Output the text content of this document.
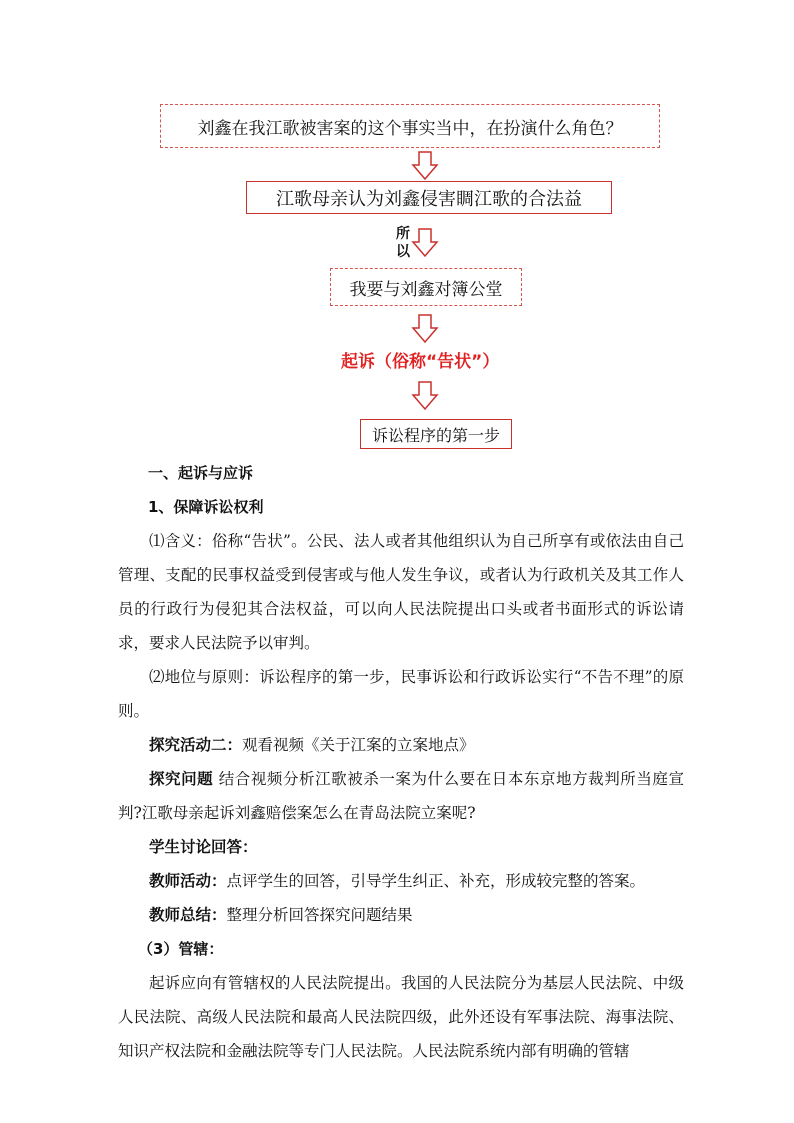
刘鑫在我江歌被害案的这个事实当中，在扮演什么角色？
江歌母亲认为刘鑫侵害睭江歌的合法益
所
以
我要与刘鑫对簿公堂
起诉（俗称“告状”）
诉讼程序的第一步

一、起诉与应诉

1、保障诉讼权利

⑴含义：俗称“告状”。公民、法人或者其他组织认为自己所享有或依法由自己管理、支配的民事权益受到侵害或与他人发生争议，或者认为行政机关及其工作人员的行政行为侵犯其合法权益，可以向人民法院提出口头或者书面形式的诉讼请求，要求人民法院予以审判。

⑵地位与原则：诉讼程序的第一步，民事诉讼和行政诉讼实行“不告不理”的原则。

探究活动二：观看视频《关于江案的立案地点》

探究问题 结合视频分析江歌被杀一案为什么要在日本东京地方裁判所当庭宣判?江歌母亲起诉刘鑫赔偿案怎么在青岛法院立案呢?

学生讨论回答：

教师活动：点评学生的回答，引导学生纠正、补充，形成较完整的答案。

教师总结：整理分析回答探究问题结果

（3）管辖：

起诉应向有管辖权的人民法院提出。我国的人民法院分为基层人民法院、中级人民法院、高级人民法院和最高人民法院四级，此外还设有军事法院、海事法院、知识产权法院和金融法院等专门人民法院。人民法院系统内部有明确的管辖
